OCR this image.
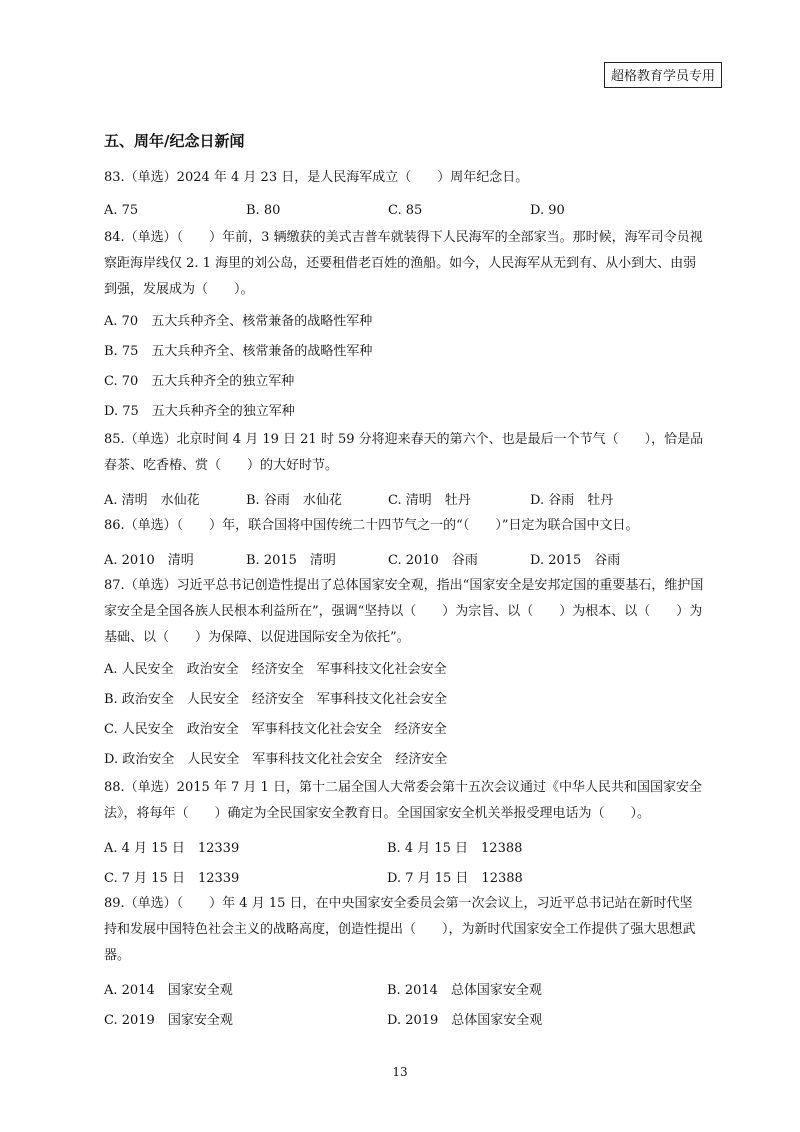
超格教育学员专用
五、周年/纪念日新闻
83.（单选）2024 年 4 月 23 日，是人民海军成立（　　）周年纪念日。
A. 75	B. 80	C. 85	D. 90
84.（单选）（　　）年前，3 辆缴获的美式吉普车就装得下人民海军的全部家当。那时候，海军司令员视察距海岸线仅 2. 1 海里的刘公岛，还要租借老百姓的渔船。如今，人民海军从无到有、从小到大、由弱到强，发展成为（　　）。
A. 70　五大兵种齐全、核常兼备的战略性军种
B. 75　五大兵种齐全、核常兼备的战略性军种
C. 70　五大兵种齐全的独立军种
D. 75　五大兵种齐全的独立军种
85.（单选）北京时间 4 月 19 日 21 时 59 分将迎来春天的第六个、也是最后一个节气（　　），恰是品春茶、吃香椿、赏（　　）的大好时节。
A. 清明　水仙花	B. 谷雨　水仙花	C. 清明　牡丹	D. 谷雨　牡丹
86.（单选）（　　）年，联合国将中国传统二十四节气之一的“（　　）”日定为联合国中文日。
A. 2010　清明	B. 2015　清明	C. 2010　谷雨	D. 2015　谷雨
87.（单选）习近平总书记创造性提出了总体国家安全观，指出“国家安全是安邦定国的重要基石，维护国家安全是全国各族人民根本利益所在”，强调“坚持以（　　）为宗旨、以（　　）为根本、以（　　）为基础、以（　　）为保障、以促进国际安全为依托”。
A. 人民安全　政治安全　经济安全　军事科技文化社会安全
B. 政治安全　人民安全　经济安全　军事科技文化社会安全
C. 人民安全　政治安全　军事科技文化社会安全　经济安全
D. 政治安全　人民安全　军事科技文化社会安全　经济安全
88.（单选）2015 年 7 月 1 日，第十二届全国人大常委会第十五次会议通过《中华人民共和国国家安全法》，将每年（　　）确定为全民国家安全教育日。全国国家安全机关举报受理电话为（　　）。
A. 4 月 15 日　12339	B. 4 月 15 日　12388
C. 7 月 15 日　12339	D. 7 月 15 日　12388
89.（单选）（　　）年 4 月 15 日，在中央国家安全委员会第一次会议上，习近平总书记站在新时代坚持和发展中国特色社会主义的战略高度，创造性提出（　　），为新时代国家安全工作提供了强大思想武器。
A. 2014　国家安全观	B. 2014　总体国家安全观
C. 2019　国家安全观	D. 2019　总体国家安全观
13
